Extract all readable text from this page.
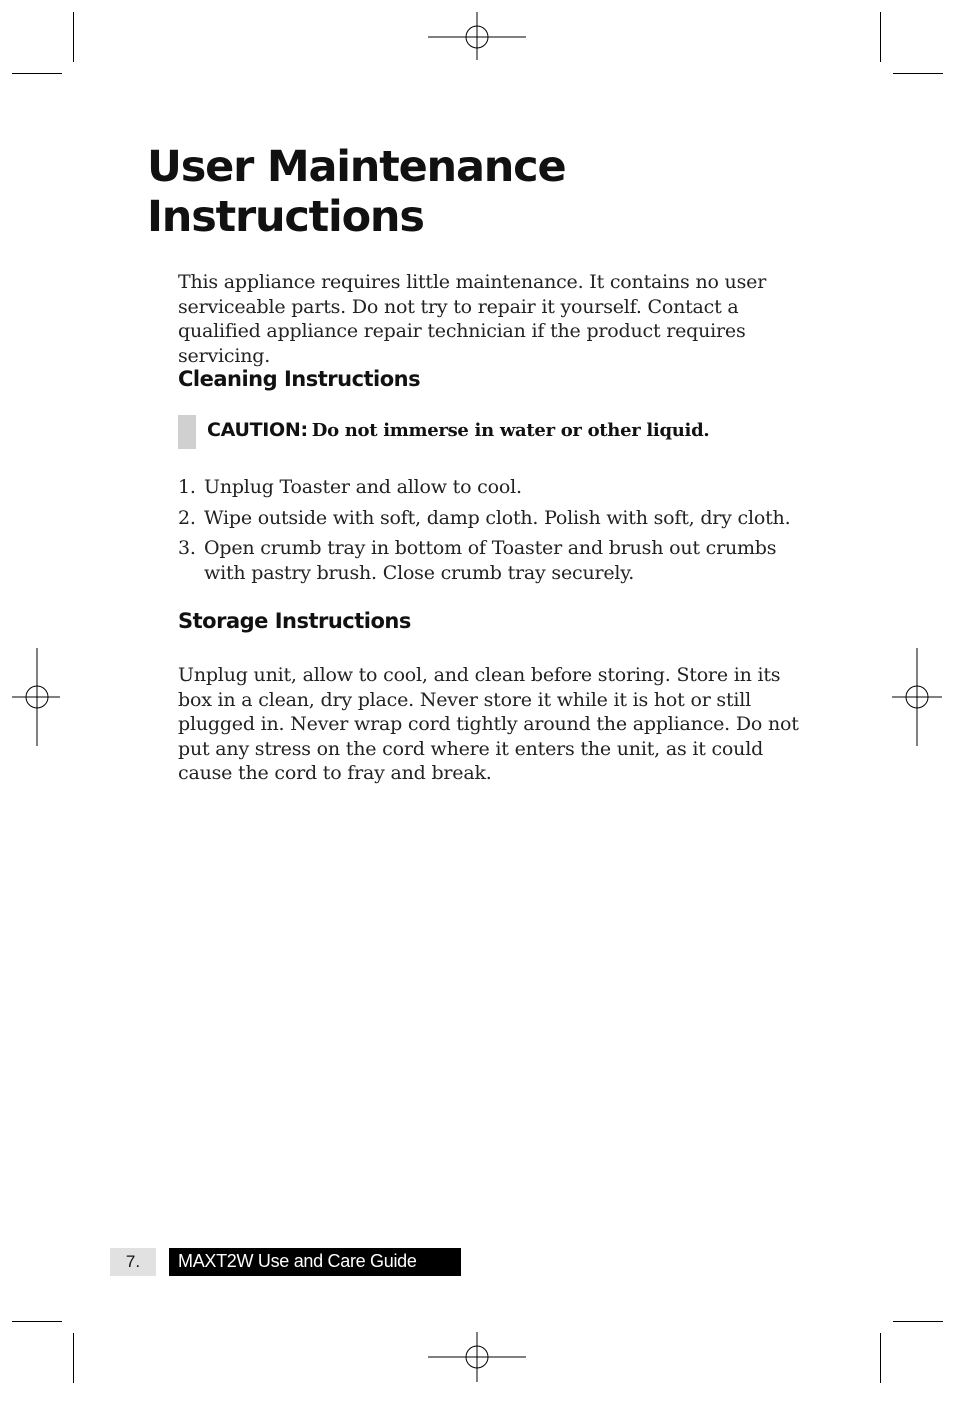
User Maintenance
Instructions

This appliance requires little maintenance. It contains no user serviceable parts. Do not try to repair it yourself. Contact a qualified appliance repair technician if the product requires servicing.

Cleaning Instructions
CAUTION: Do not immerse in water or other liquid.
1. Unplug Toaster and allow to cool.
2. Wipe outside with soft, damp cloth. Polish with soft, dry cloth.
3. Open crumb tray in bottom of Toaster and brush out crumbs with pastry brush. Close crumb tray securely.
Storage Instructions

Unplug unit, allow to cool, and clean before storing. Store in its box in a clean, dry place. Never store it while it is hot or still plugged in. Never wrap cord tightly around the appliance. Do not put any stress on the cord where it enters the unit, as it could cause the cord to fray and break.

7.	MAXT2W Use and Care Guide
